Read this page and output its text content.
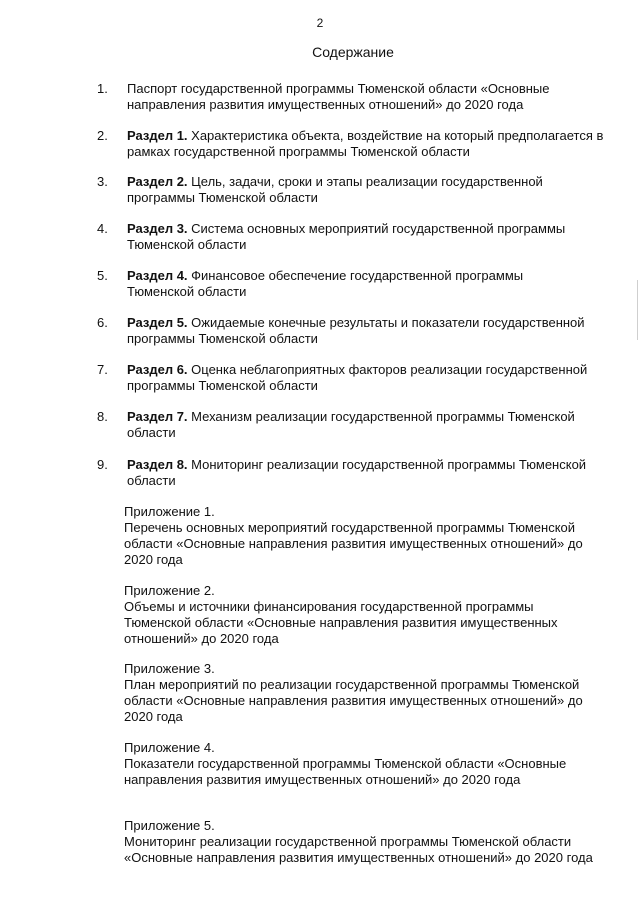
2
Содержание
1. Паспорт государственной программы Тюменской области «Основные направления развития имущественных отношений» до 2020 года
2. Раздел 1. Характеристика объекта, воздействие на который предполагается в рамках государственной программы Тюменской области
3. Раздел 2. Цель, задачи, сроки и этапы реализации государственной программы Тюменской области
4. Раздел 3. Система основных мероприятий государственной программы Тюменской области
5. Раздел 4. Финансовое обеспечение государственной программы Тюменской области
6. Раздел 5. Ожидаемые конечные результаты и показатели государственной программы Тюменской области
7. Раздел 6. Оценка неблагоприятных факторов реализации государственной программы Тюменской области
8. Раздел 7. Механизм реализации государственной программы Тюменской области
9. Раздел 8. Мониторинг реализации государственной программы Тюменской области
Приложение 1.
Перечень основных мероприятий государственной программы Тюменской области «Основные направления развития имущественных отношений» до 2020 года
Приложение 2.
Объемы и источники финансирования государственной программы Тюменской области «Основные направления развития имущественных отношений» до 2020 года
Приложение 3.
План мероприятий по реализации государственной программы Тюменской области «Основные направления развития имущественных отношений» до 2020 года
Приложение 4.
Показатели государственной программы Тюменской области «Основные направления развития имущественных отношений» до 2020 года
Приложение 5.
Мониторинг реализации государственной программы Тюменской области «Основные направления развития имущественных отношений» до 2020 года
